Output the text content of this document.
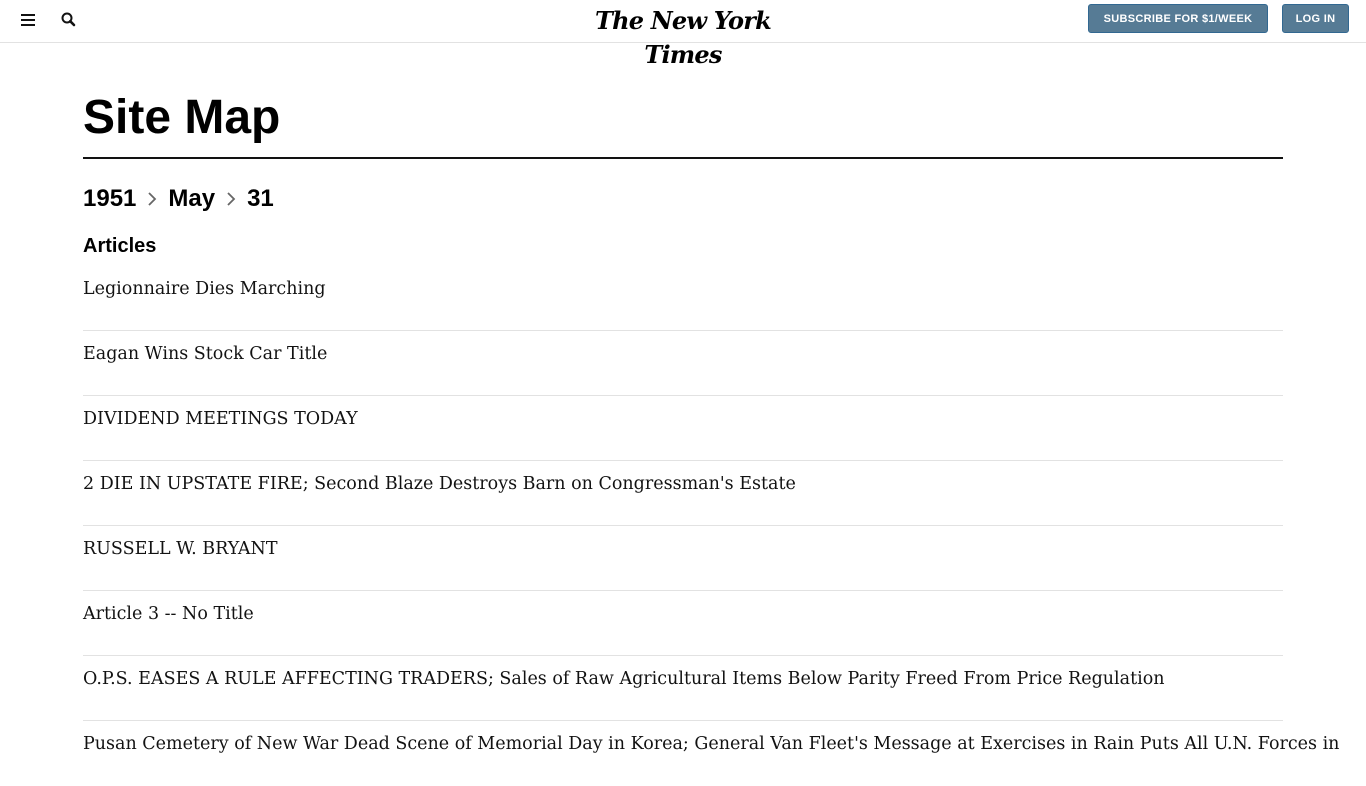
The New York Times
SUBSCRIBE FOR $1/WEEK	LOG IN
Site Map
1951 May 31
Articles
Legionnaire Dies Marching
Eagan Wins Stock Car Title
DIVIDEND MEETINGS TODAY
2 DIE IN UPSTATE FIRE; Second Blaze Destroys Barn on Congressman's Estate
RUSSELL W. BRYANT
Article 3 -- No Title
O.P.S. EASES A RULE AFFECTING TRADERS; Sales of Raw Agricultural Items Below Parity Freed From Price Regulation
Pusan Cemetery of New War Dead Scene of Memorial Day in Korea; General Van Fleet's Message at Exercises in Rain Puts All U.N. Forces in
